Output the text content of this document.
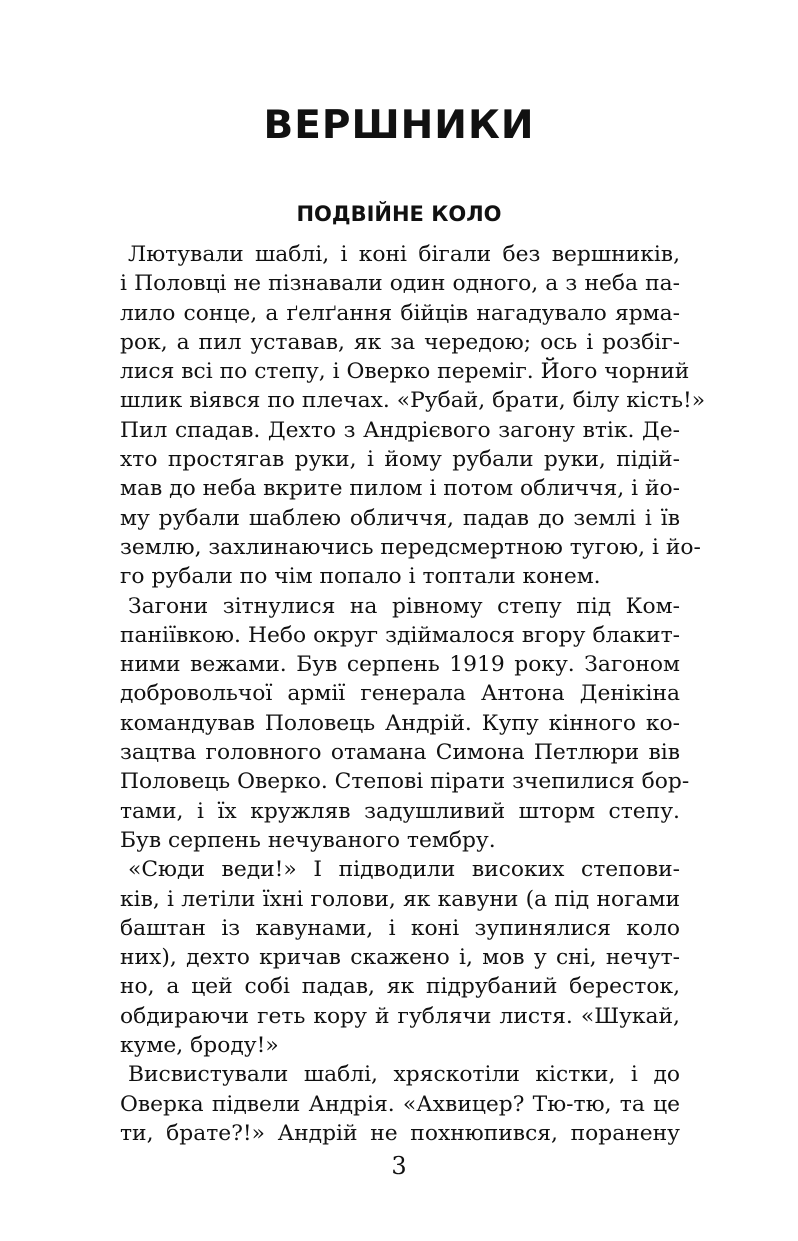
ВЕРШНИКИ
ПОДВІЙНЕ КОЛО
Лютували шаблі, і коні бігали без вершників,
і Половці не пізнавали один одного, а з неба па-
лило сонце, а ґелґання бійців нагадувало ярма-
рок, а пил уставав, як за чередою; ось і розбіг-
лися всі по степу, і Оверко переміг. Його чорний
шлик віявся по плечах. «Рубай, брати, білу кість!»
Пил спадав. Дехто з Андрієвого загону втік. Де-
хто простягав руки, і йому рубали руки, підій-
мав до неба вкрите пилом і потом обличчя, і йо-
му рубали шаблею обличчя, падав до землі і їв
землю, захлинаючись передсмертною тугою, і йо-
го рубали по чім попало і топтали конем.
Загони зітнулися на рівному степу під Ком-
паніївкою. Небо округ здіймалося вгору блакит-
ними вежами. Був серпень 1919 року. Загоном
добровольчої армії генерала Антона Денікіна
командував Половець Андрій. Купу кінного ко-
зацтва головного отамана Симона Петлюри вів
Половець Оверко. Степові пірати зчепилися бор-
тами, і їх кружляв задушливий шторм степу.
Був серпень нечуваного тембру.
«Сюди веди!» І підводили високих степови-
ків, і летіли їхні голови, як кавуни (а під ногами
баштан із кавунами, і коні зупинялися коло
них), дехто кричав скажено і, мов у сні, нечут-
но, а цей собі падав, як підрубаний бересток,
обдираючи геть кору й гублячи листя. «Шукай,
куме, броду!»
Висвистували шаблі, хряскотіли кістки, і до
Оверка підвели Андрія. «Ахвицер? Тю-тю, та це
ти, брате?!» Андрій не похнюпився, поранену
3
